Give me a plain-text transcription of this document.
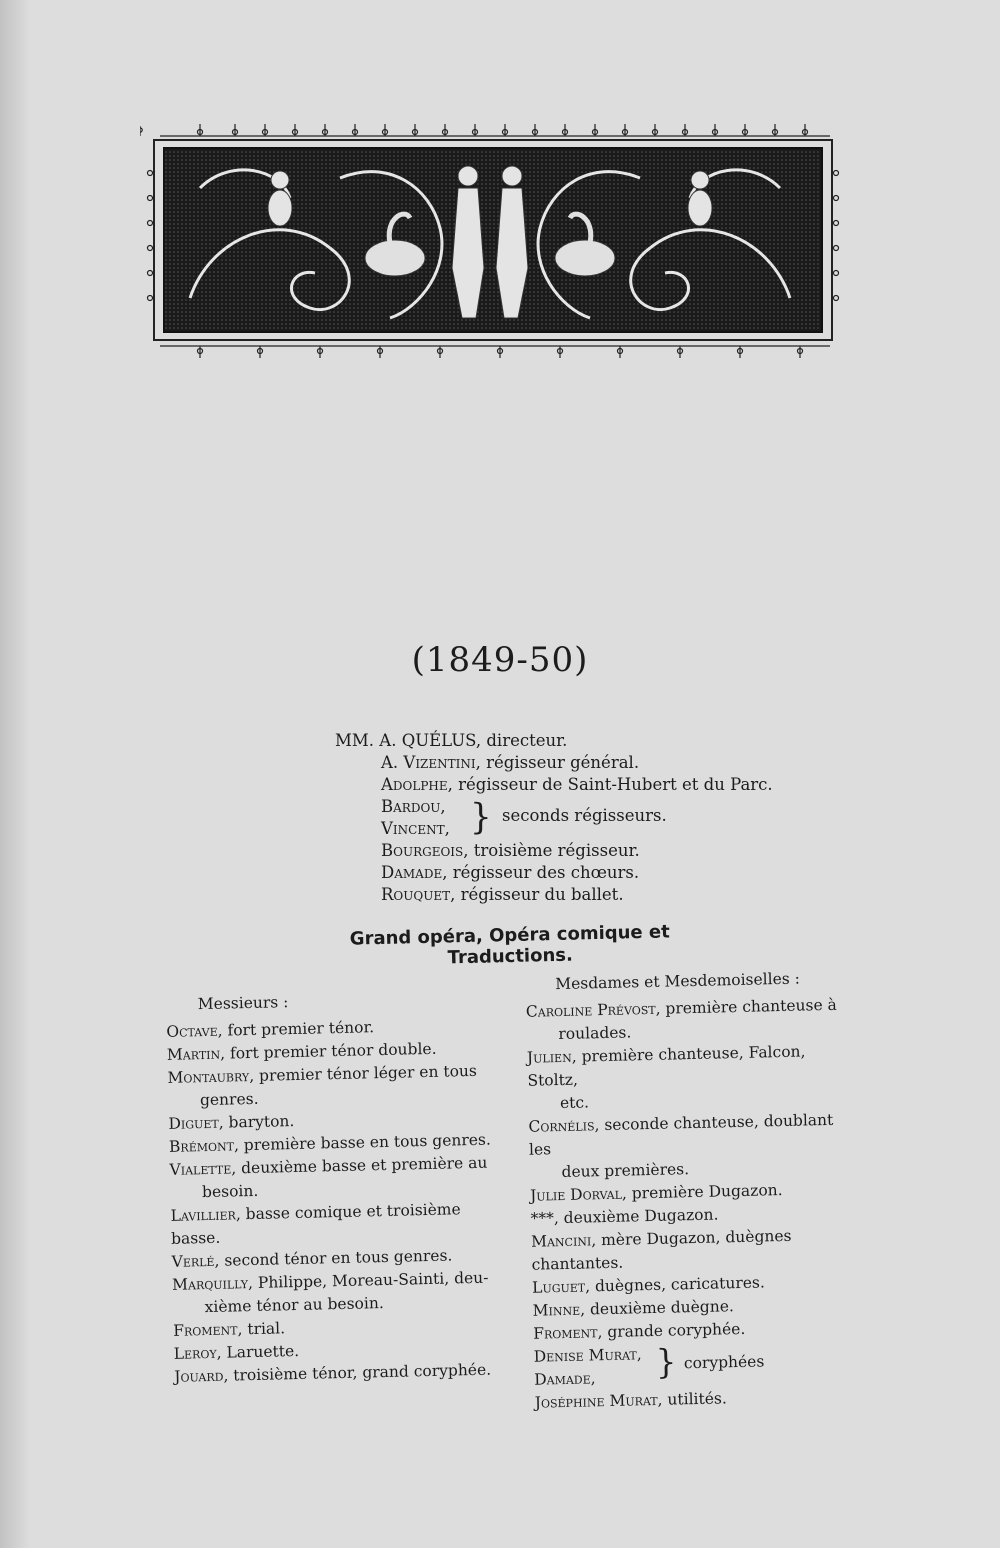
(1849-50)
MM. A. QUÉLUS, directeur.
A. Vizentini, régisseur général.
Adolphe, régisseur de Saint-Hubert et du Parc.
Bardou,
Vincent, } seconds régisseurs.
Bourgeois, troisième régisseur.
Damade, régisseur des chœurs.
Rouquet, régisseur du ballet.
Grand opéra, Opéra comique et Traductions.
Messieurs :
Octave, fort premier ténor.
Martin, fort premier ténor double.
Montaubry, premier ténor léger en tous
genres.
Diguet, baryton.
Brémont, première basse en tous genres.
Vialette, deuxième basse et première au
besoin.
Lavillier, basse comique et troisième basse.
Verlé, second ténor en tous genres.
Marquilly, Philippe, Moreau-Sainti, deu-
xième ténor au besoin.
Froment, trial.
Leroy, Laruette.
Jouard, troisième ténor, grand coryphée.
Mesdames et Mesdemoiselles :
Caroline Prévost, première chanteuse à
roulades.
Julien, première chanteuse, Falcon, Stoltz,
etc.
Cornélis, seconde chanteuse, doublant les
deux premières.
Julie Dorval, première Dugazon.
***, deuxième Dugazon.
Mancini, mère Dugazon, duègnes chantantes.
Luguet, duègnes, caricatures.
Minne, deuxième duègne.
Froment, grande coryphée.
Denise Murat,
Damade, } coryphées
Joséphine Murat, utilités.
